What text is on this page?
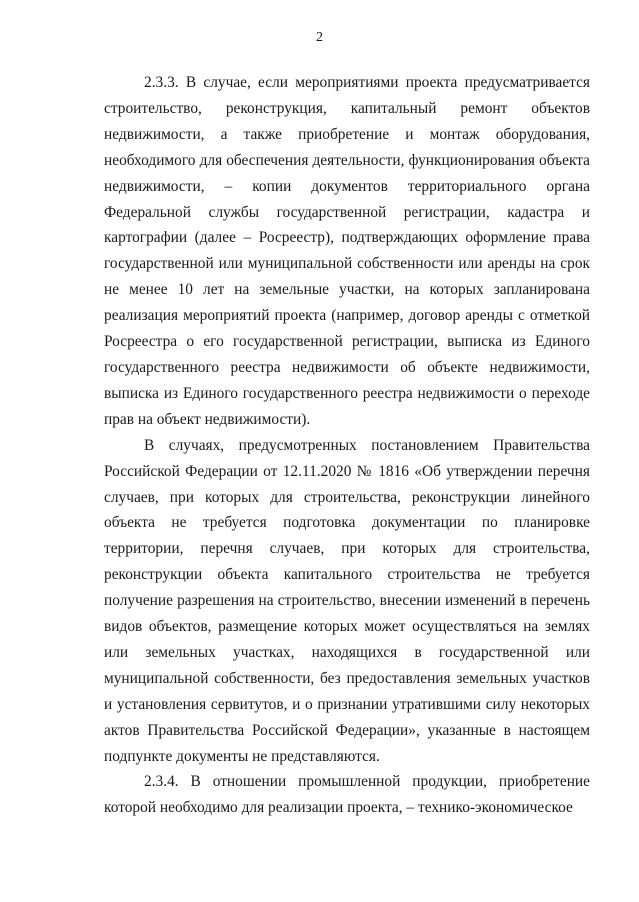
2

2.3.3. В случае, если мероприятиями проекта предусматривается строительство, реконструкция, капитальный ремонт объектов недвижимости, а также приобретение и монтаж оборудования, необходимого для обеспечения деятельности, функционирования объекта недвижимости, – копии документов территориального органа Федеральной службы государственной регистрации, кадастра и картографии (далее – Росреестр), подтверждающих оформление права государственной или муниципальной собственности или аренды на срок не менее 10 лет на земельные участки, на которых запланирована реализация мероприятий проекта (например, договор аренды с отметкой Росреестра о его государственной регистрации, выписка из Единого государственного реестра недвижимости об объекте недвижимости, выписка из Единого государственного реестра недвижимости о переходе прав на объект недвижимости).

В случаях, предусмотренных постановлением Правительства Российской Федерации от 12.11.2020 № 1816 «Об утверждении перечня случаев, при которых для строительства, реконструкции линейного объекта не требуется подготовка документации по планировке территории, перечня случаев, при которых для строительства, реконструкции объекта капитального строительства не требуется получение разрешения на строительство, внесении изменений в перечень видов объектов, размещение которых может осуществляться на землях или земельных участках, находящихся в государственной или муниципальной собственности, без предоставления земельных участков и установления сервитутов, и о признании утратившими силу некоторых актов Правительства Российской Федерации», указанные в настоящем подпункте документы не представляются.

2.3.4. В отношении промышленной продукции, приобретение которой необходимо для реализации проекта, – технико-экономическое
